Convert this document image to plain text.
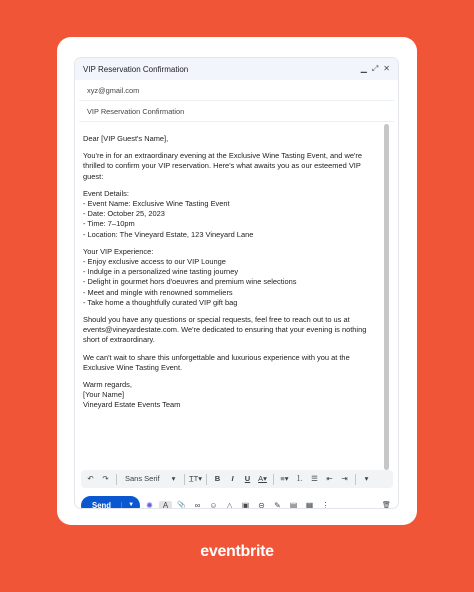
VIP Reservation Confirmation	▁ ⤢ ✕
xyz@gmail.com
VIP Reservation Confirmation

Dear [VIP Guest's Name],

You're in for an extraordinary evening at the Exclusive Wine Tasting Event, and we're thrilled to confirm your VIP reservation. Here's what awaits you as our esteemed VIP guest:

Event Details:
- Event Name: Exclusive Wine Tasting Event
- Date: October 25, 2023
- Time: 7–10pm
- Location: The Vineyard Estate, 123 Vineyard Lane

Your VIP Experience:
- Enjoy exclusive access to our VIP Lounge
- Indulge in a personalized wine tasting journey
- Delight in gourmet hors d'oeuvres and premium wine selections
- Meet and mingle with renowned sommeliers
- Take home a thoughtfully curated VIP gift bag

Should you have any questions or special requests, feel free to reach out to us at events@vineyardestate.com. We're dedicated to ensuring that your evening is nothing short of extraordinary.

We can't wait to share this unforgettable and luxurious experience with you at the Exclusive Wine Tasting Event.

Warm regards,
[Your Name]
Vineyard Estate Events Team

↶	↷	Sans Serif	▾	T̲T▾	B	I	U	A▾	≡▾ ⒈	☰	⇤	⇥	▾
Send	▼	✺	A	📎	∞	☺	△	▣	⊝	✎	▤	▦	⋮	🗑
eventbrite
